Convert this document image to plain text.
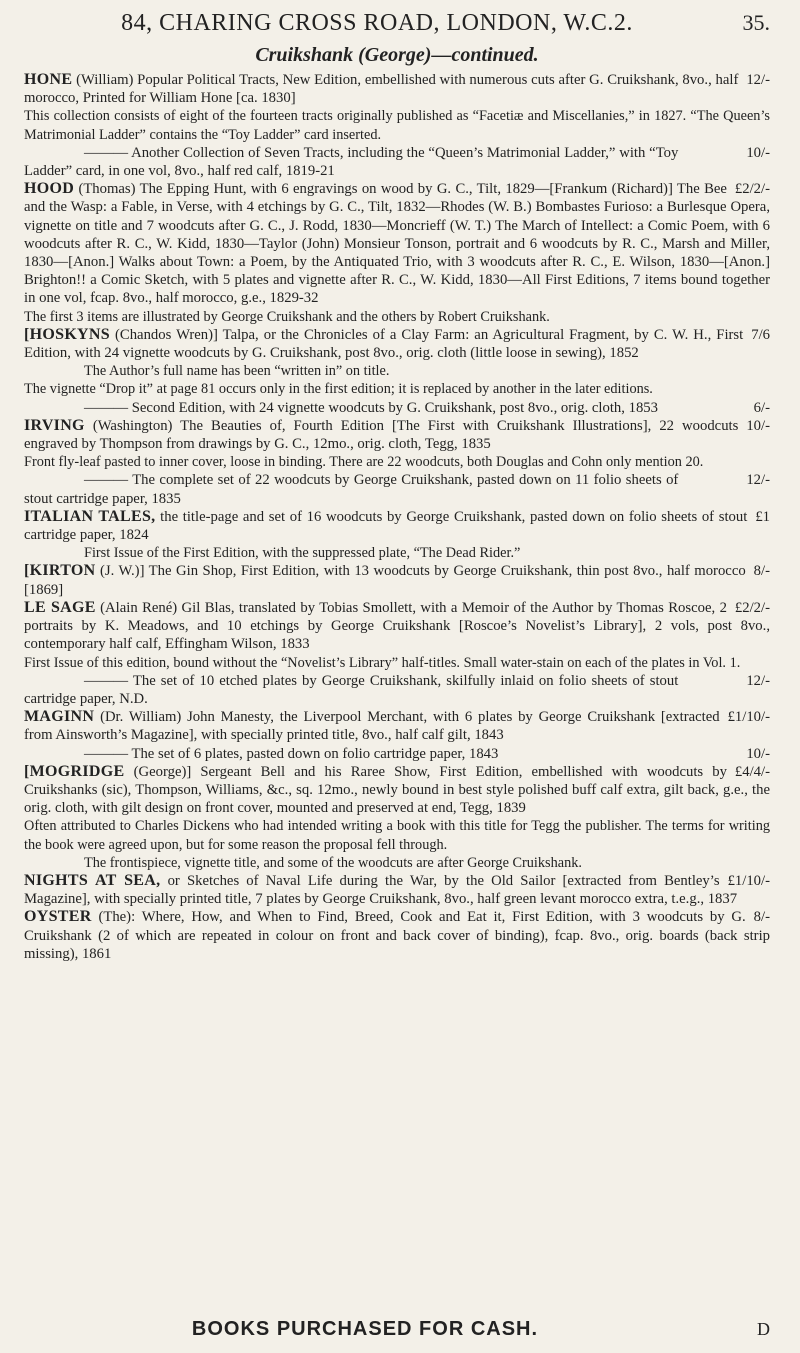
84, CHARING CROSS ROAD, LONDON, W.C.2.	35.
Cruikshank (George)—continued.

12/-
HONE (William) Popular Political Tracts, New Edition, embellished with numerous cuts after G. Cruikshank, 8vo., half morocco, Printed for William Hone [ca. 1830]

This collection consists of eight of the fourteen tracts originally published as “Facetiæ and Miscellanies,” in 1827. “The Queen’s Matrimonial Ladder” contains the “Toy Ladder” card inserted.

10/-
——— Another Collection of Seven Tracts, including the “Queen’s Matrimonial Ladder,” with “Toy Ladder” card, in one vol, 8vo., half red calf, 1819-21

£2/2/-
HOOD (Thomas) The Epping Hunt, with 6 engravings on wood by G. C., Tilt, 1829—[Frankum (Richard)] The Bee and the Wasp: a Fable, in Verse, with 4 etchings by G. C., Tilt, 1832—Rhodes (W. B.) Bombastes Furioso: a Burlesque Opera, vignette on title and 7 woodcuts after G. C., J. Rodd, 1830—Moncrieff (W. T.) The March of Intellect: a Comic Poem, with 6 woodcuts after R. C., W. Kidd, 1830—Taylor (John) Monsieur Tonson, portrait and 6 woodcuts by R. C., Marsh and Miller, 1830—[Anon.] Walks about Town: a Poem, by the Antiquated Trio, with 3 woodcuts after R. C., E. Wilson, 1830—[Anon.] Brighton!! a Comic Sketch, with 5 plates and vignette after R. C., W. Kidd, 1830—All First Editions, 7 items bound together in one vol, fcap. 8vo., half morocco, g.e., 1829-32

The first 3 items are illustrated by George Cruikshank and the others by Robert Cruikshank.

7/6
[HOSKYNS (Chandos Wren)] Talpa, or the Chronicles of a Clay Farm: an Agricultural Fragment, by C. W. H., First Edition, with 24 vignette woodcuts by G. Cruikshank, post 8vo., orig. cloth (little loose in sewing), 1852

The Author’s full name has been “written in” on title.

The vignette “Drop it” at page 81 occurs only in the first edition; it is replaced by another in the later editions.

6/-
——— Second Edition, with 24 vignette woodcuts by G. Cruikshank, post 8vo., orig. cloth, 1853

10/-
IRVING (Washington) The Beauties of, Fourth Edition [The First with Cruikshank Illustrations], 22 woodcuts engraved by Thompson from drawings by G. C., 12mo., orig. cloth, Tegg, 1835

Front fly-leaf pasted to inner cover, loose in binding. There are 22 woodcuts, both Douglas and Cohn only mention 20.

12/-
——— The complete set of 22 woodcuts by George Cruikshank, pasted down on 11 folio sheets of stout cartridge paper, 1835

£1
ITALIAN TALES, the title-page and set of 16 woodcuts by George Cruikshank, pasted down on folio sheets of stout cartridge paper, 1824

First Issue of the First Edition, with the suppressed plate, “The Dead Rider.”

8/-
[KIRTON (J. W.)] The Gin Shop, First Edition, with 13 woodcuts by George Cruikshank, thin post 8vo., half morocco [1869]

£2/2/-
LE SAGE (Alain René) Gil Blas, translated by Tobias Smollett, with a Memoir of the Author by Thomas Roscoe, 2 portraits by K. Meadows, and 10 etchings by George Cruikshank [Roscoe’s Novelist’s Library], 2 vols, post 8vo., contemporary half calf, Effingham Wilson, 1833

First Issue of this edition, bound without the “Novelist’s Library” half-titles. Small water-stain on each of the plates in Vol. 1.

12/-
——— The set of 10 etched plates by George Cruikshank, skilfully inlaid on folio sheets of stout cartridge paper, N.D.

£1/10/-
MAGINN (Dr. William) John Manesty, the Liverpool Merchant, with 6 plates by George Cruikshank [extracted from Ainsworth’s Magazine], with specially printed title, 8vo., half calf gilt, 1843

10/-
——— The set of 6 plates, pasted down on folio cartridge paper, 1843

£4/4/-
[MOGRIDGE (George)] Sergeant Bell and his Raree Show, First Edition, embellished with woodcuts by Cruikshanks (sic), Thompson, Williams, &c., sq. 12mo., newly bound in best style polished buff calf extra, gilt back, g.e., the orig. cloth, with gilt design on front cover, mounted and preserved at end, Tegg, 1839

Often attributed to Charles Dickens who had intended writing a book with this title for Tegg the publisher. The terms for writing the book were agreed upon, but for some reason the proposal fell through.

The frontispiece, vignette title, and some of the woodcuts are after George Cruikshank.

£1/10/-
NIGHTS AT SEA, or Sketches of Naval Life during the War, by the Old Sailor [extracted from Bentley’s Magazine], with specially printed title, 7 plates by George Cruikshank, 8vo., half green levant morocco extra, t.e.g., 1837

8/-
OYSTER (The): Where, How, and When to Find, Breed, Cook and Eat it, First Edition, with 3 woodcuts by G. Cruikshank (2 of which are repeated in colour on front and back cover of binding), fcap. 8vo., orig. boards (back strip missing), 1861

BOOKS PURCHASED FOR CASH.	D
